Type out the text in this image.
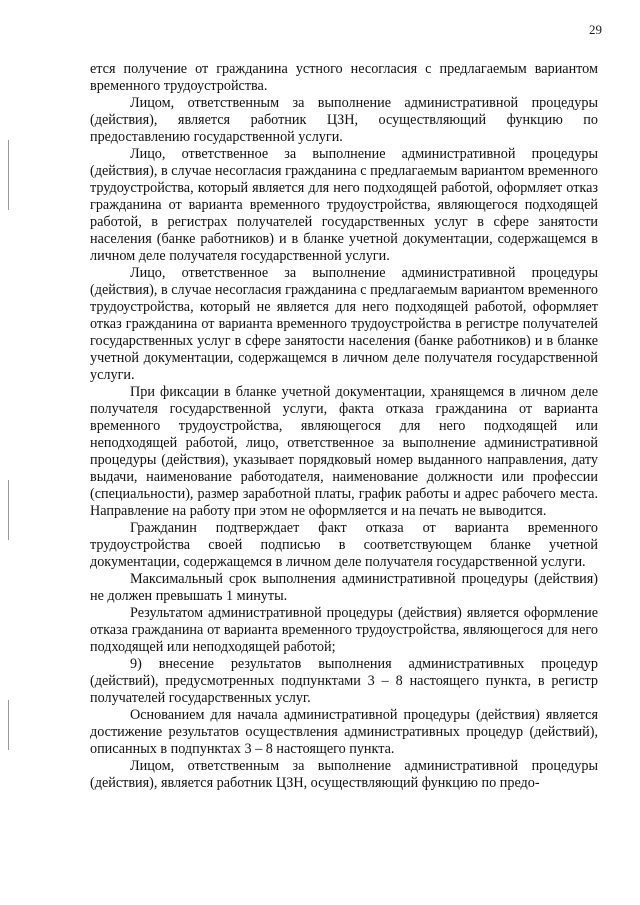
29

ется получение от гражданина устного несогласия с предлагаемым вариантом временного трудоустройства.

Лицом, ответственным за выполнение административной процедуры (действия), является работник ЦЗН, осуществляющий функцию по предоставлению государственной услуги.

Лицо, ответственное за выполнение административной процедуры (действия), в случае несогласия гражданина с предлагаемым вариантом временного трудоустройства, который является для него подходящей работой, оформляет отказ гражданина от варианта временного трудоустройства, являющегося подходящей работой, в регистрах получателей государственных услуг в сфере занятости населения (банке работников) и в бланке учетной документации, содержащемся в личном деле получателя государственной услуги.

Лицо, ответственное за выполнение административной процедуры (действия), в случае несогласия гражданина с предлагаемым вариантом временного трудоустройства, который не является для него подходящей работой, оформляет отказ гражданина от варианта временного трудоустройства в регистре получателей государственных услуг в сфере занятости населения (банке работников) и в бланке учетной документации, содержащемся в личном деле получателя государственной услуги.

При фиксации в бланке учетной документации, хранящемся в личном деле получателя государственной услуги, факта отказа гражданина от варианта временного трудоустройства, являющегося для него подходящей или неподходящей работой, лицо, ответственное за выполнение административной процедуры (действия), указывает порядковый номер выданного направления, дату выдачи, наименование работодателя, наименование должности или профессии (специальности), размер заработной платы, график работы и адрес рабочего места. Направление на работу при этом не оформляется и на печать не выводится.

Гражданин подтверждает факт отказа от варианта временного трудоустройства своей подписью в соответствующем бланке учетной документации, содержащемся в личном деле получателя государственной услуги.

Максимальный срок выполнения административной процедуры (действия) не должен превышать 1 минуты.

Результатом административной процедуры (действия) является оформление отказа гражданина от варианта временного трудоустройства, являющегося для него подходящей или неподходящей работой;

9) внесение результатов выполнения административных процедур (действий), предусмотренных подпунктами 3 – 8 настоящего пункта, в регистр получателей государственных услуг.

Основанием для начала административной процедуры (действия) является достижение результатов осуществления административных процедур (действий), описанных в подпунктах 3 – 8 настоящего пункта.

Лицом, ответственным за выполнение административной процедуры (действия), является работник ЦЗН, осуществляющий функцию по предо-
